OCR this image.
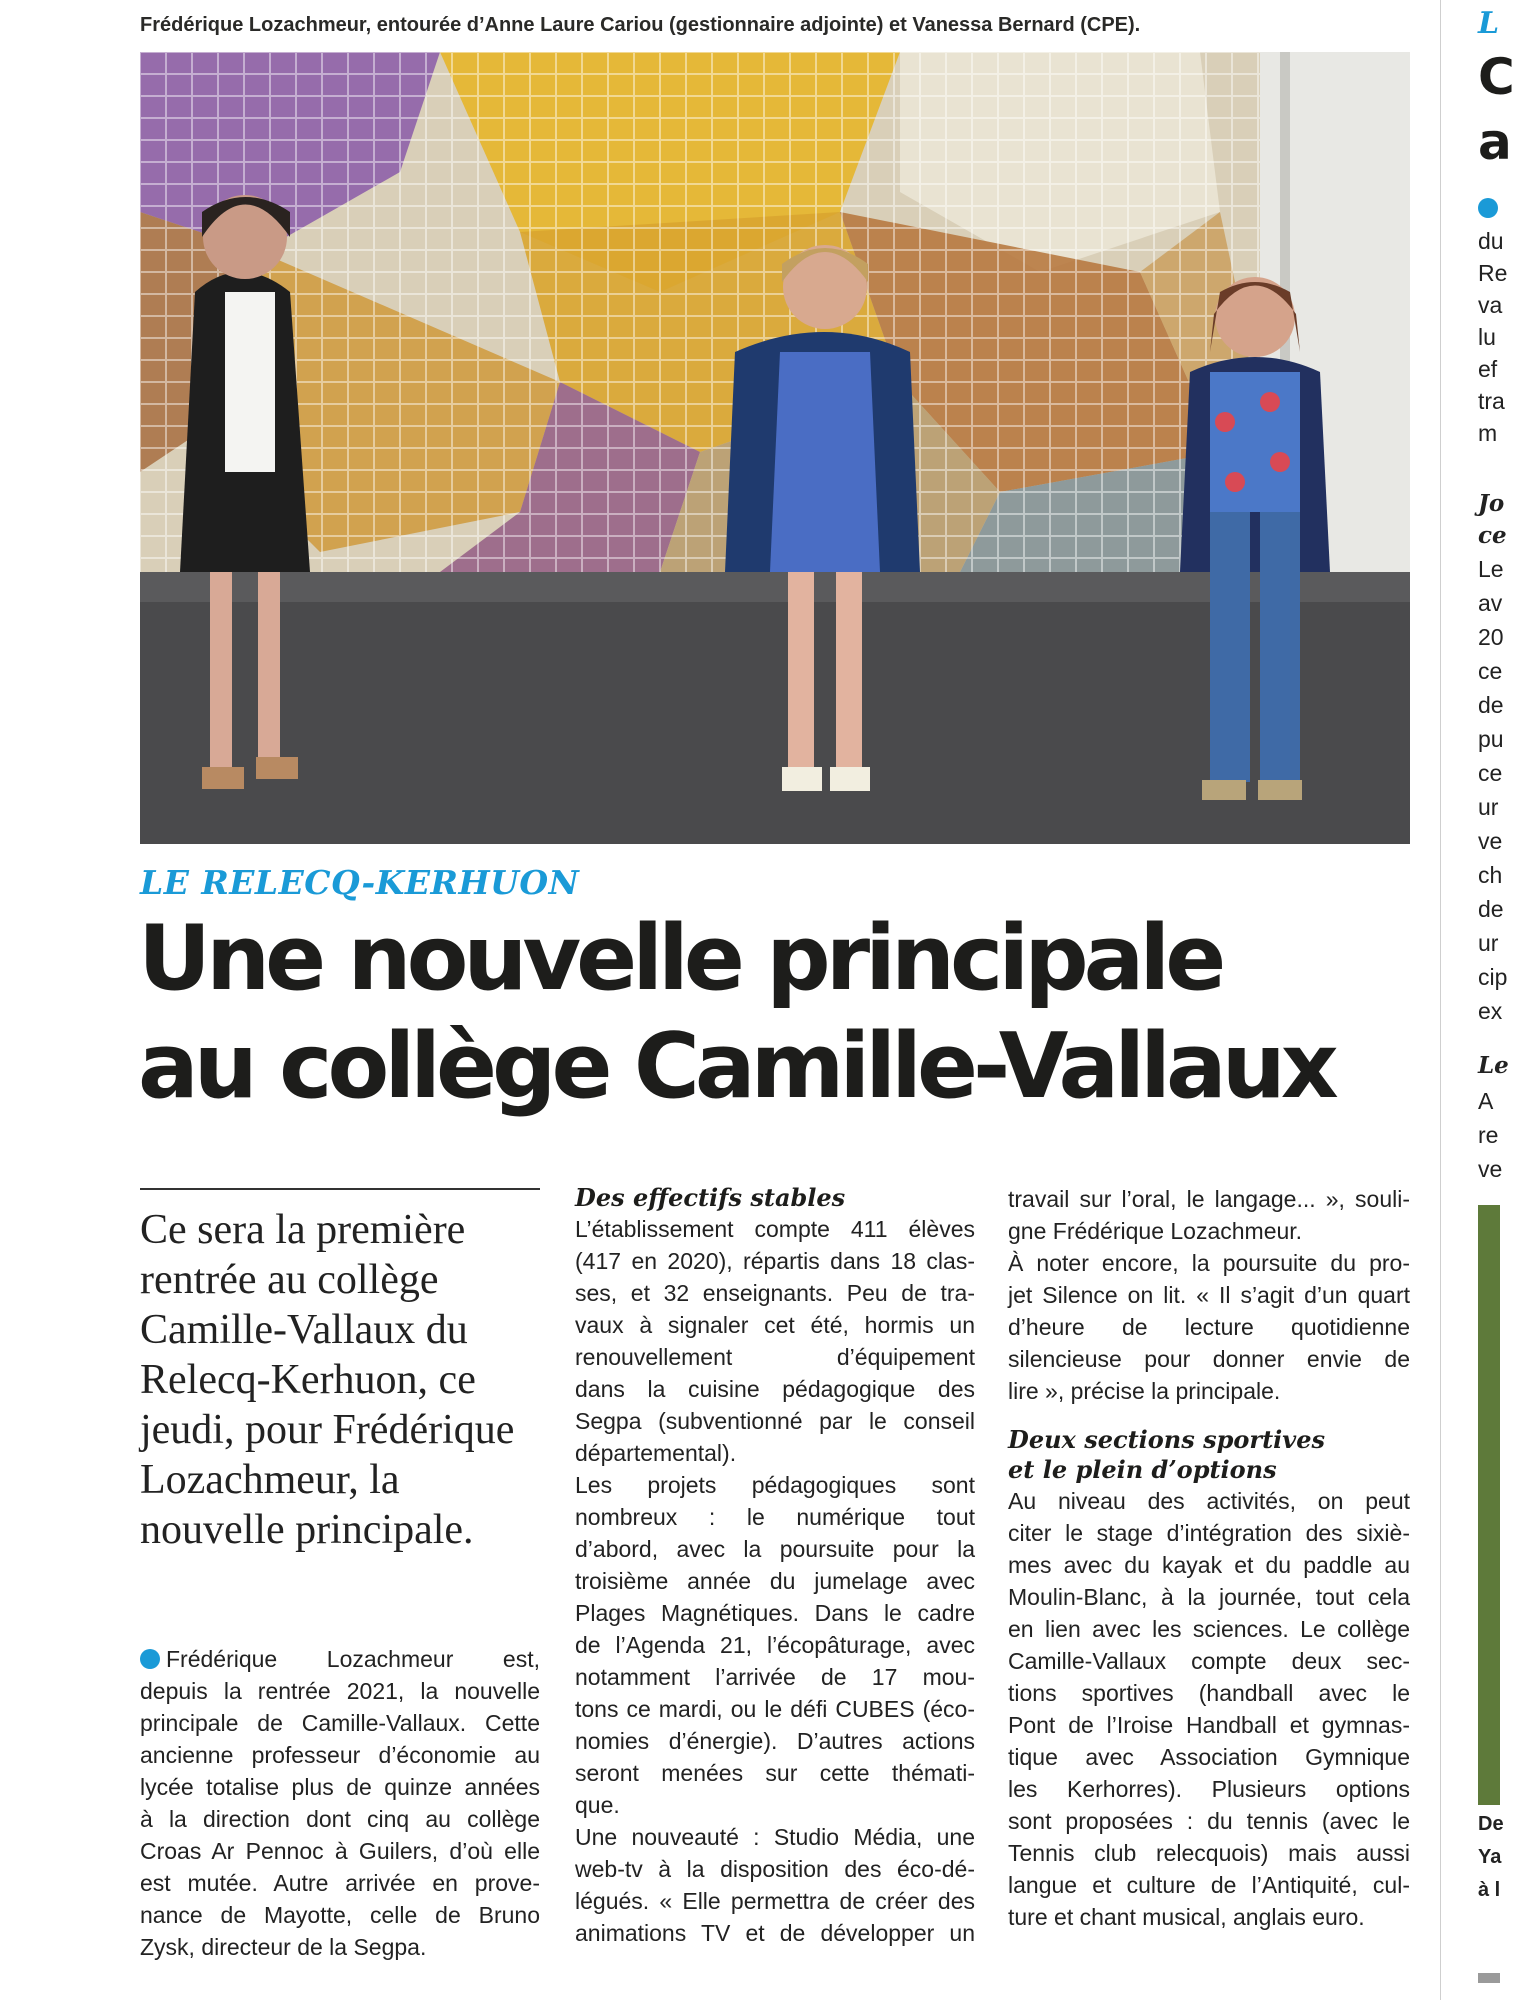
Frédérique Lozachmeur, entourée d’Anne Laure Cariou (gestionnaire adjointe) et Vanessa Bernard (CPE).
LE RELECQ-KERHUON
Une nouvelle principale
au collège Camille-Vallaux
Ce sera la première
rentrée au collège
Camille-Vallaux du
Relecq-Kerhuon, ce
jeudi, pour Frédérique
Lozachmeur, la
nouvelle principale.
Frédérique Lozachmeur est,
depuis la rentrée 2021, la nouvelle
principale de Camille-Vallaux. Cette
ancienne professeur d’économie au
lycée totalise plus de quinze années
à la direction dont cinq au collège
Croas Ar Pennoc à Guilers, d’où elle
est mutée. Autre arrivée en prove-
nance de Mayotte, celle de Bruno
Zysk, directeur de la Segpa.
Des effectifs stables
L’établissement compte 411 élèves
(417 en 2020), répartis dans 18 clas-
ses, et 32 enseignants. Peu de tra-
vaux à signaler cet été, hormis un
renouvellement d’équipement
dans la cuisine pédagogique des
Segpa (subventionné par le conseil
départemental).
Les projets pédagogiques sont
nombreux : le numérique tout
d’abord, avec la poursuite pour la
troisième année du jumelage avec
Plages Magnétiques. Dans le cadre
de l’Agenda 21, l’écopâturage, avec
notamment l’arrivée de 17 mou-
tons ce mardi, ou le défi CUBES (éco-
nomies d’énergie). D’autres actions
seront menées sur cette thémati-
que.
Une nouveauté : Studio Média, une
web-tv à la disposition des éco-dé-
légués. « Elle permettra de créer des
animations TV et de développer un
travail sur l’oral, le langage... », souli-
gne Frédérique Lozachmeur.
À noter encore, la poursuite du pro-
jet Silence on lit. « Il s’agit d’un quart
d’heure de lecture quotidienne
silencieuse pour donner envie de
lire », précise la principale.
Deux sections sportives
et le plein d’options
Au niveau des activités, on peut
citer le stage d’intégration des sixiè-
mes avec du kayak et du paddle au
Moulin-Blanc, à la journée, tout cela
en lien avec les sciences. Le collège
Camille-Vallaux compte deux sec-
tions sportives (handball avec le
Pont de l’Iroise Handball et gymnas-
tique avec Association Gymnique
les Kerhorres). Plusieurs options
sont proposées : du tennis (avec le
Tennis club relecquois) mais aussi
langue et culture de l’Antiquité, cul-
ture et chant musical, anglais euro.
L
C
a
du
Re
va
lu
ef
tra
m
Jo
ce
Le
av
20
ce
de
pu
ce
ur
ve
ch
de
ur
cip
ex
Le
A
re
ve
De
Ya
à l
